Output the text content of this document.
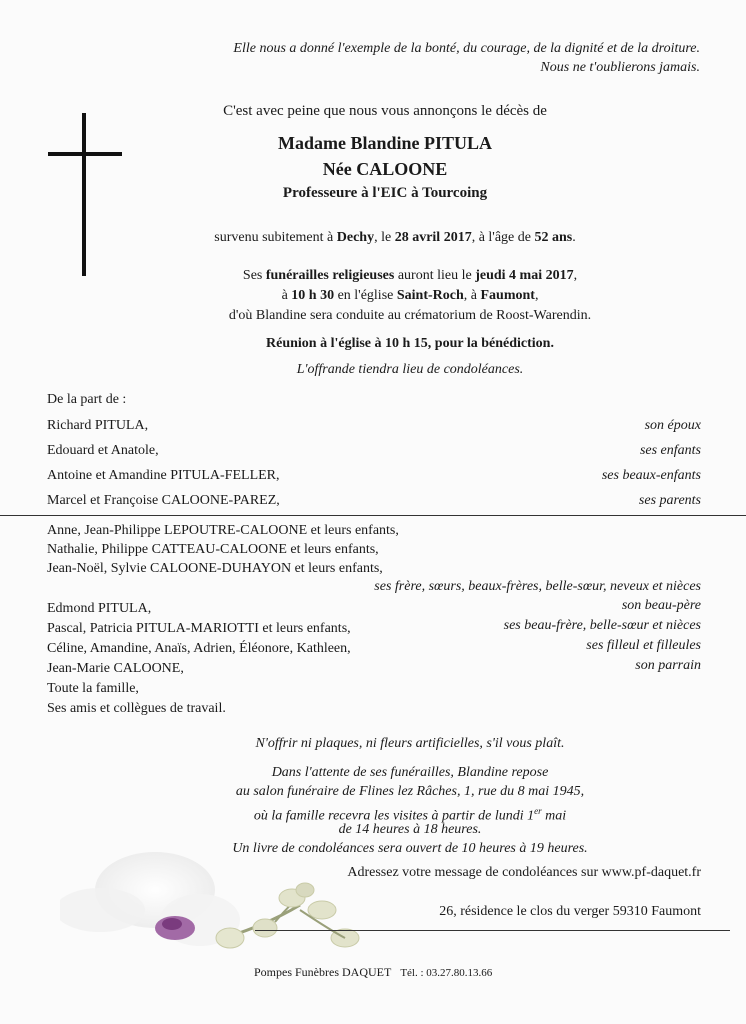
Elle nous a donné l'exemple de la bonté, du courage, de la dignité et de la droiture.
Nous ne t'oublierons jamais.
C'est avec peine que nous vous annonçons le décès de
Madame Blandine PITULA
Née CALOONE
Professeure à l'EIC à Tourcoing
survenu subitement à Dechy, le 28 avril 2017, à l'âge de 52 ans.
Ses funérailles religieuses auront lieu le jeudi 4 mai 2017,
à 10 h 30 en l'église Saint-Roch, à Faumont,
d'où Blandine sera conduite au crématorium de Roost-Warendin.
Réunion à l'église à 10 h 15, pour la bénédiction.
L'offrande tiendra lieu de condoléances.
De la part de :
Richard PITULA,	son époux
Edouard et Anatole,	ses enfants
Antoine et Amandine PITULA-FELLER,	ses beaux-enfants
Marcel et Françoise CALOONE-PAREZ,	ses parents
Anne, Jean-Philippe LEPOUTRE-CALOONE et leurs enfants,
Nathalie, Philippe CATTEAU-CALOONE et leurs enfants,
Jean-Noël, Sylvie CALOONE-DUHAYON et leurs enfants,
ses frère, sœurs, beaux-frères, belle-sœur, neveux et nièces
Edmond PITULA,	son beau-père
Pascal, Patricia PITULA-MARIOTTI et leurs enfants,	ses beau-frère, belle-sœur et nièces
Céline, Amandine, Anaïs, Adrien, Éléonore, Kathleen,	ses filleul et filleules
Jean-Marie CALOONE,	son parrain
Toute la famille,
Ses amis et collègues de travail.
N'offrir ni plaques, ni fleurs artificielles, s'il vous plaît.
Dans l'attente de ses funérailles, Blandine repose
au salon funéraire de Flines lez Râches, 1, rue du 8 mai 1945,
où la famille recevra les visites à partir de lundi 1er mai
de 14 heures à 18 heures.
Un livre de condoléances sera ouvert de 10 heures à 19 heures.
Adressez votre message de condoléances sur www.pf-daquet.fr
26, résidence le clos du verger 59310 Faumont
Pompes Funèbres DAQUET Tél. : 03.27.80.13.66
